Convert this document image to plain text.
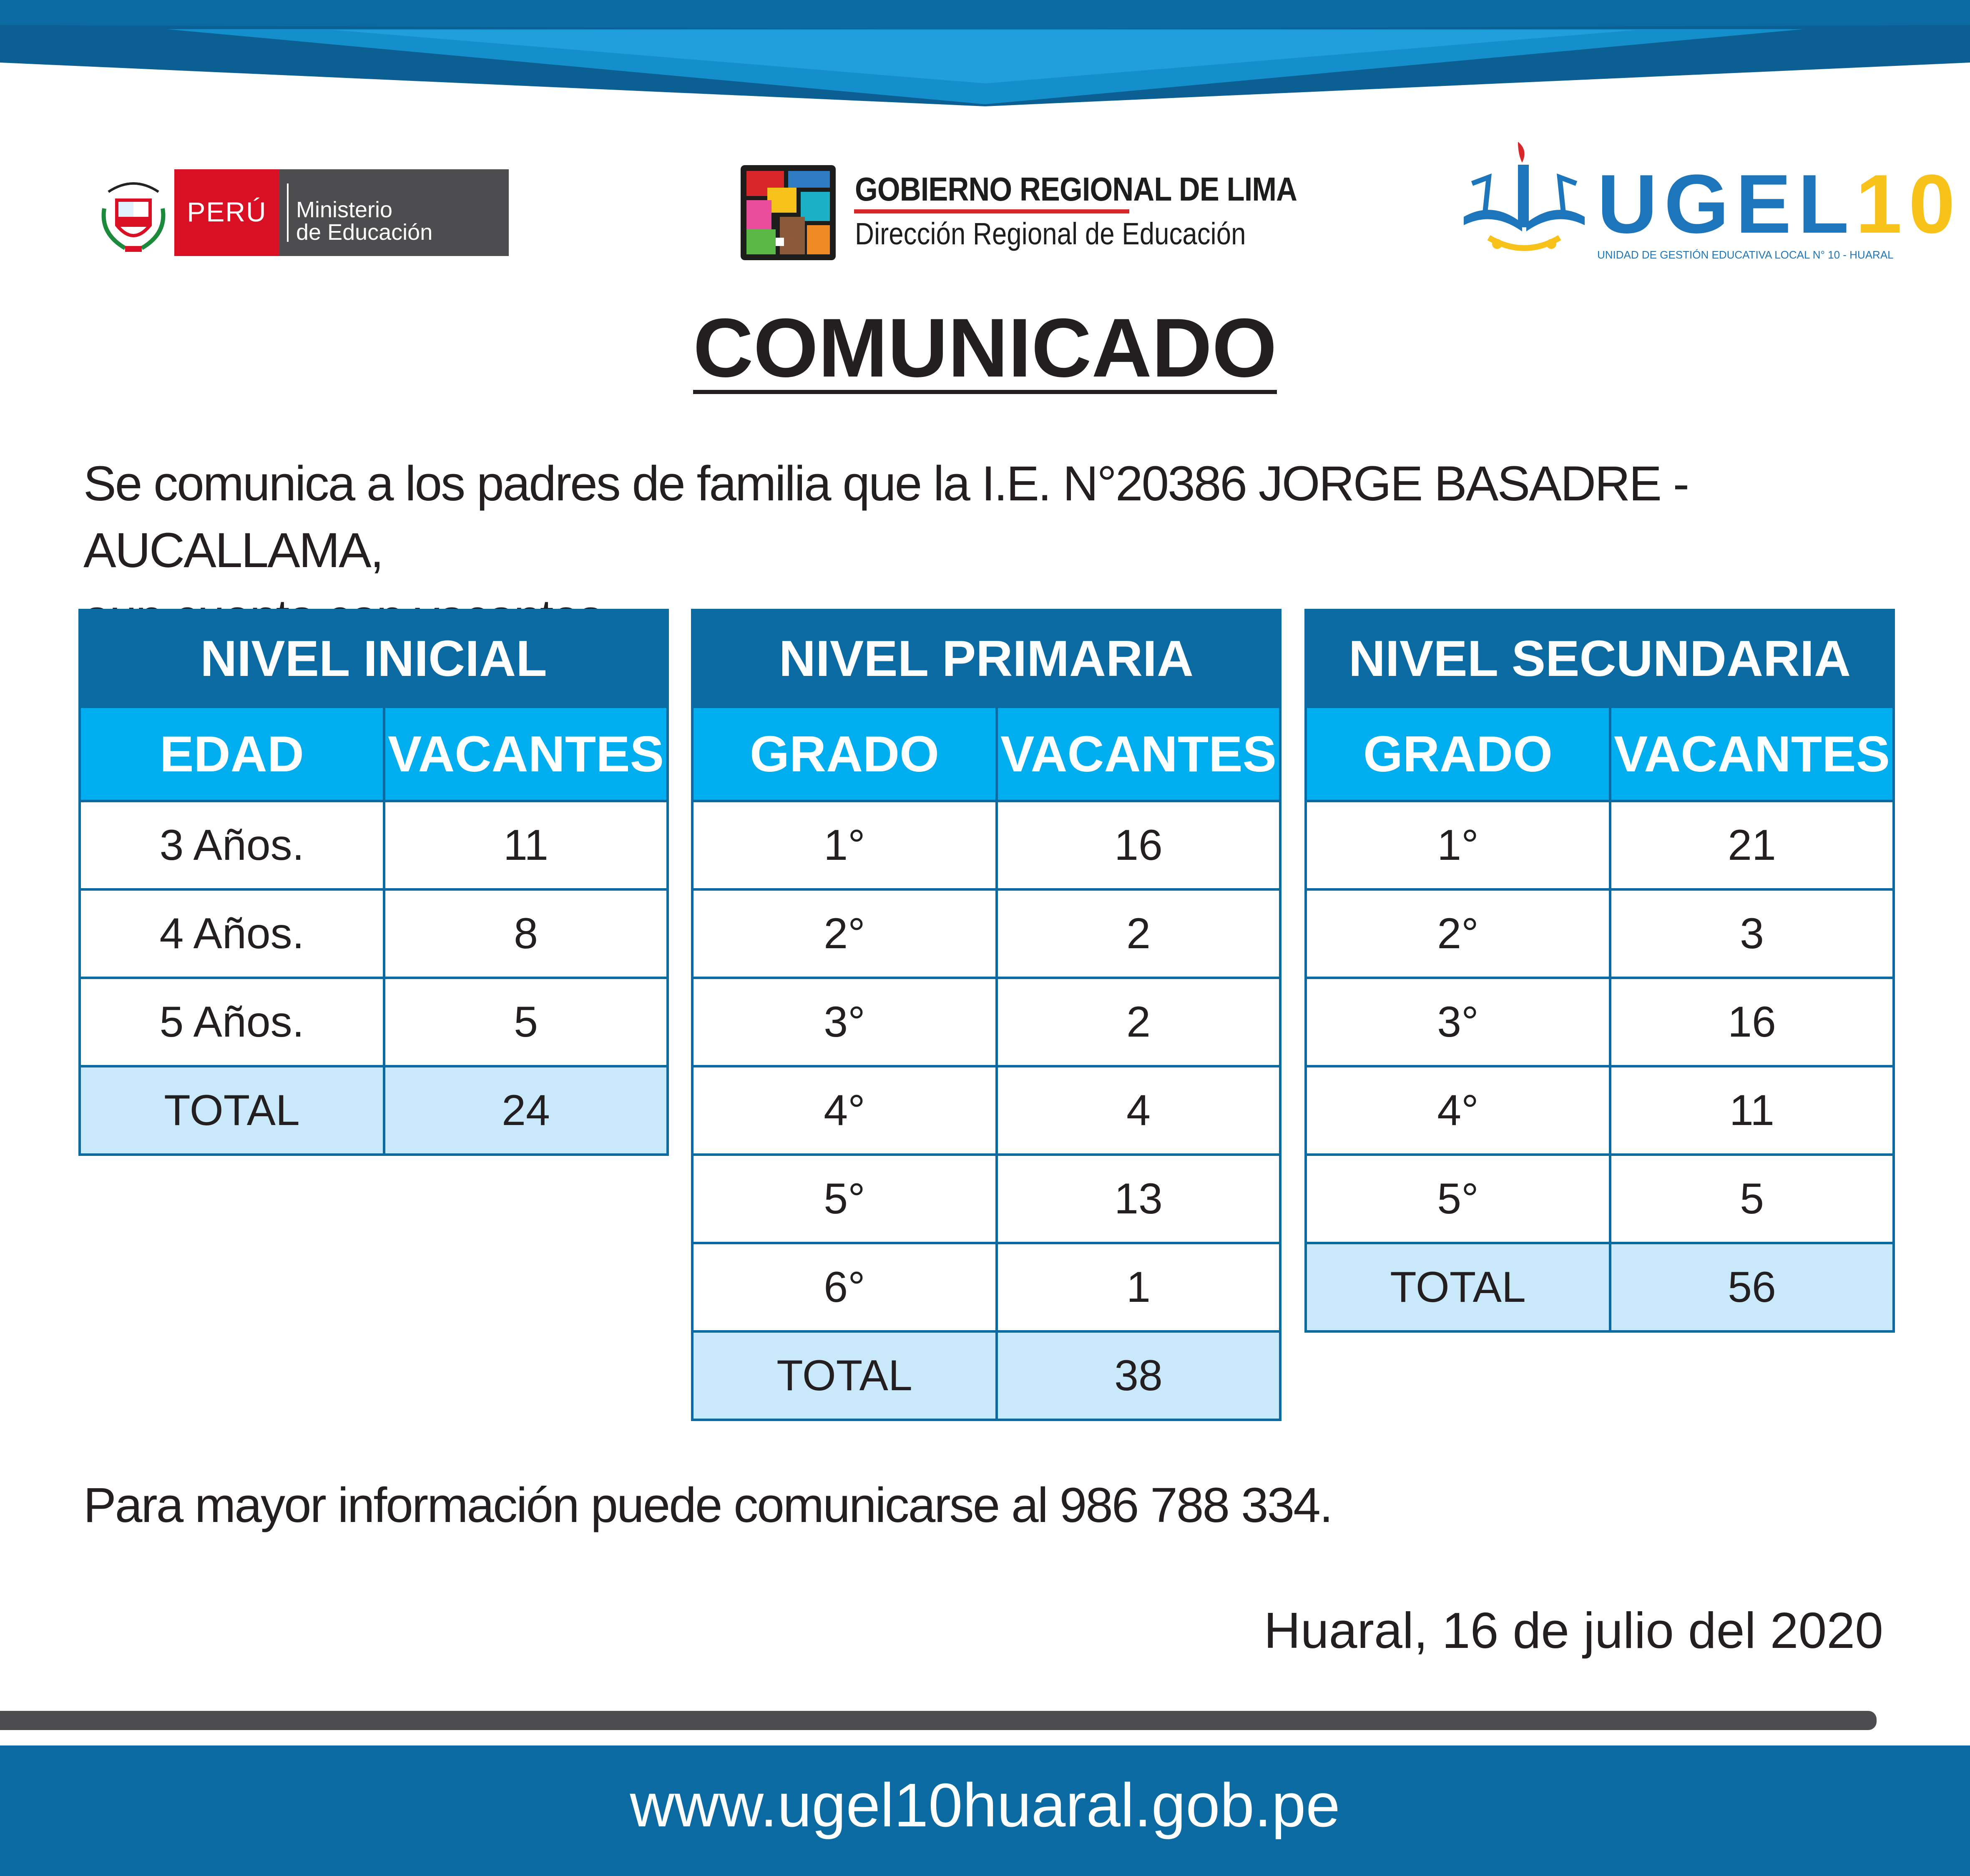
PERÚ	Ministerio
de Educación
GOBIERNO REGIONAL DE LIMA
Dirección Regional de Educación	UGEL10
UNIDAD DE GESTIÓN EDUCATIVA LOCAL N° 10 - HUARAL
COMUNICADO
Se comunica a los padres de familia que la I.E. N°20386 JORGE BASADRE - AUCALLAMA,
NIVEL INICIAL	
EDAD	VACANTES
3 Años.	11
4 Años.	8
5 Años.	5
TOTAL	24
NIVEL PRIMARIA	
GRADO	VACANTES
1°	16
2°	2
3°	2
4°	4
5°	13
6°	1
TOTAL	38
NIVEL SECUNDARIA	
GRADO	VACANTES
1°	21
2°	3
3°	16
4°	11
5°	5
TOTAL	56
Para mayor información puede comunicarse al 986 788 334.
Huaral, 16 de julio del 2020
www.ugel10huaral.gob.pe
